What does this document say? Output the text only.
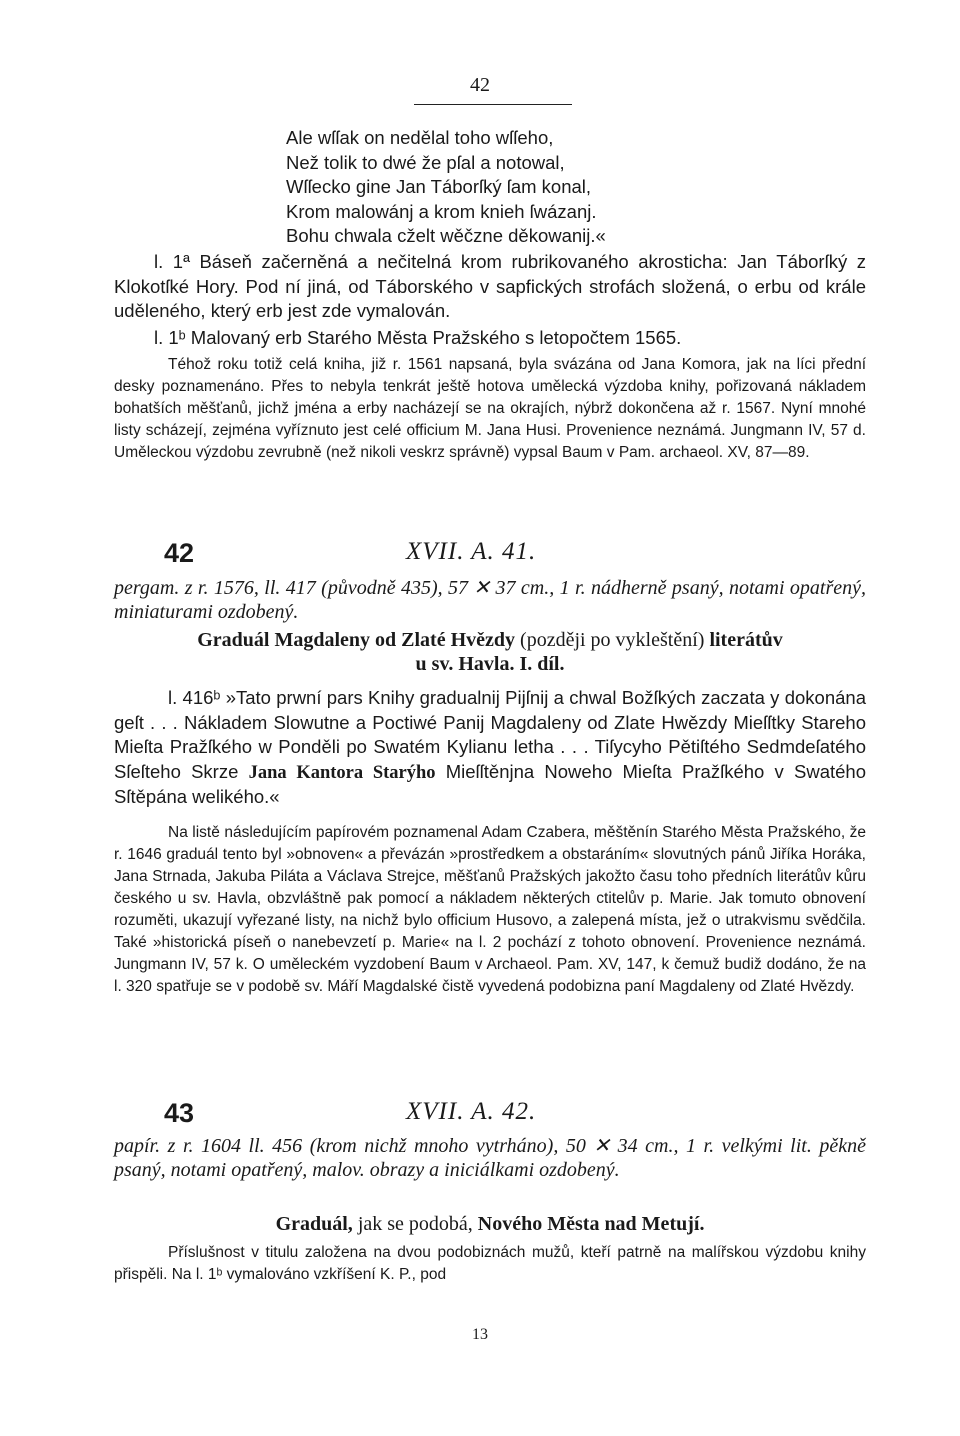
42
Ale wſſak on nedělal toho wſſeho,
Než tolik to dwé že pſal a notowal,
Wſſecko gine Jan Táborſký ſam konal,
Krom malowánj a krom knieh ſwázanj.
Bohu chwala cželt wěčzne děkowanij.«
l. 1ª Báseň začerněná a nečitelná krom rubrikovaného akrosticha: Jan Táborſký z Klokotſké Hory. Pod ní jiná, od Táborského v sapfických strofách složená, o erbu od krále uděleného, který erb jest zde vymalován.
l. 1ᵇ Malovaný erb Starého Města Pražského s letopočtem 1565.
Téhož roku totiž celá kniha, již r. 1561 napsaná, byla svázána od Jana Komora, jak na líci přední desky poznamenáno. Přes to nebyla tenkrát ještě hotova umělecká výzdoba knihy, pořizovaná nákladem bohatších měšťanů, jichž jména a erby nacházejí se na okrajích, nýbrž dokončena až r. 1567. Nyní mnohé listy scházejí, zejména vyříznuto jest celé officium M. Jana Husi. Provenience neznámá. Jungmann IV, 57 d. Uměleckou výzdobu zevrubně (než nikoli veskrz správně) vypsal Baum v Pam. archaeol. XV, 87—89.
42	XVII. A. 41.
pergam. z r. 1576, ll. 417 (původně 435), 57 ✕ 37 cm., 1 r. nádherně psaný, notami opatřený, miniaturami ozdobený.
Graduál Magdaleny od Zlaté Hvězdy (později po vykleštění) literátův
u sv. Havla. I. díl.
l. 416ᵇ »Tato prwní pars Knihy gradualnij Pijſnij a chwal Božſkých zaczata y dokonána geſt . . . Nákladem Slowutne a Poctiwé Panij Magdaleny od Zlate Hwězdy Mieſſtky Stareho Mieſta Pražſkého w Ponděli po Swatém Kylianu letha . . . Tiſycyho Pětiſtého Sedmdeſatého Sſeſteho Skrze Jana Kantora Starýho Mieſſtěnjna Noweho Mieſta Pražſkého v Swatého Sſtěpána welikého.«
Na listě následujícím papírovém poznamenal Adam Czabera, měštěnín Starého Města Pražského, že r. 1646 graduál tento byl »obnoven« a převázán »prostředkem a obstaráním« slovutných pánů Jiříka Horáka, Jana Strnada, Jakuba Piláta a Václava Strejce, měšťanů Pražských jakožto času toho předních literátův kůru českého u sv. Havla, obzvláštně pak pomocí a nákladem některých ctitelův p. Marie. Jak tomuto obnovení rozuměti, ukazují vyřezané listy, na nichž bylo officium Husovo, a zalepená místa, jež o utrakvismu svědčila. Také »historická píseň o nanebevzetí p. Marie« na l. 2 pochází z tohoto obnovení. Provenience neznámá. Jungmann IV, 57 k. O uměleckém vyzdobení Baum v Archaeol. Pam. XV, 147, k čemuž budiž dodáno, že na l. 320 spatřuje se v podobě sv. Máří Magdalské čistě vyvedená podobizna paní Magdaleny od Zlaté Hvězdy.
43	XVII. A. 42.
papír. z r. 1604 ll. 456 (krom nichž mnoho vytrháno), 50 ✕ 34 cm., 1 r. velkými lit. pěkně psaný, notami opatřený, malov. obrazy a iniciálkami ozdobený.
Graduál, jak se podobá, Nového Města nad Metují.
Příslušnost v titulu založena na dvou podobiznách mužů, kteří patrně na malířskou výzdobu knihy přispěli. Na l. 1ᵇ vymalováno vzkříšení K. P., pod
13
